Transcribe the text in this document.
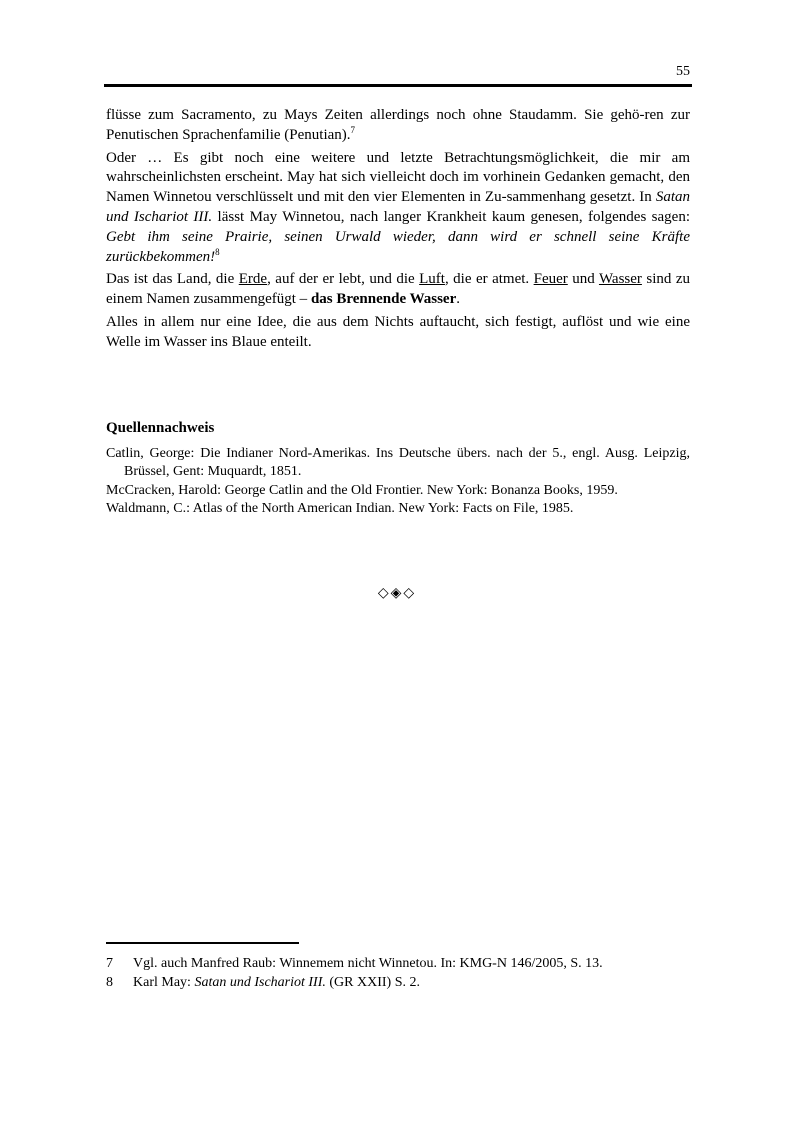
55

flüsse zum Sacramento, zu Mays Zeiten allerdings noch ohne Staudamm. Sie gehö-ren zur Penutischen Sprachenfamilie (Penutian).$^7$

Oder … Es gibt noch eine weitere und letzte Betrachtungsmöglichkeit, die mir am wahrscheinlichsten erscheint. May hat sich vielleicht doch im vorhinein Gedanken gemacht, den Namen Winnetou verschlüsselt und mit den vier Elementen in Zu-sammenhang gesetzt. In Satan und Ischariot III. lässt May Winnetou, nach langer Krankheit kaum genesen, folgendes sagen: Gebt ihm seine Prairie, seinen Urwald wieder, dann wird er schnell seine Kräfte zurückbekommen!$^8$

Das ist das Land, die Erde, auf der er lebt, und die Luft, die er atmet. Feuer und Wasser sind zu einem Namen zusammengefügt – das Brennende Wasser.

Alles in allem nur eine Idee, die aus dem Nichts auftaucht, sich festigt, auflöst und wie eine Welle im Wasser ins Blaue enteilt.

Quellennachweis

Catlin, George: Die Indianer Nord-Amerikas. Ins Deutsche übers. nach der 5., engl. Ausg. Leipzig, Brüssel, Gent: Muquardt, 1851.

McCracken, Harold: George Catlin and the Old Frontier. New York: Bonanza Books, 1959.

Waldmann, C.: Atlas of the North American Indian. New York: Facts on File, 1985.

◇◈◇
7	Vgl. auch Manfred Raub: Winnemem nicht Winnetou. In: KMG-N 146/2005, S. 13.
8	Karl May: Satan und Ischariot III. (GR XXII) S. 2.
